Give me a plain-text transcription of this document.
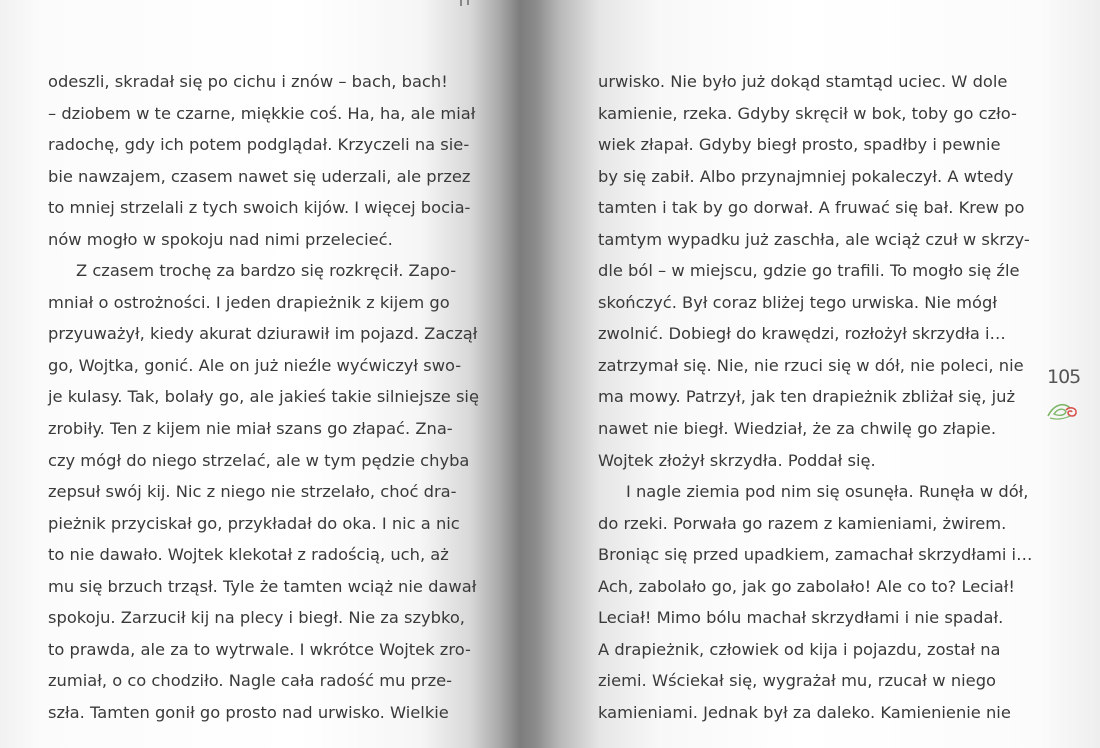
odeszli, skradał się po cichu i znów – bach, bach!
– dziobem w te czarne, miękkie coś. Ha, ha, ale miał
radochę, gdy ich potem podglądał. Krzyczeli na sie-
bie nawzajem, czasem nawet się uderzali, ale przez
to mniej strzelali z tych swoich kijów. I więcej bocia-
nów mogło w spokoju nad nimi przelecieć.
Z czasem trochę za bardzo się rozkręcił. Zapo-
mniał o ostrożności. I jeden drapieżnik z kijem go
przyuważył, kiedy akurat dziurawił im pojazd. Zaczął
go, Wojtka, gonić. Ale on już nieźle wyćwiczył swo-
je kulasy. Tak, bolały go, ale jakieś takie silniejsze się
zrobiły. Ten z kijem nie miał szans go złapać. Zna-
czy mógł do niego strzelać, ale w tym pędzie chyba
zepsuł swój kij. Nic z niego nie strzelało, choć dra-
pieżnik przyciskał go, przykładał do oka. I nic a nic
to nie dawało. Wojtek klekotał z radością, uch, aż
mu się brzuch trząsł. Tyle że tamten wciąż nie dawał
spokoju. Zarzucił kij na plecy i biegł. Nie za szybko,
to prawda, ale za to wytrwale. I wkrótce Wojtek zro-
zumiał, o co chodziło. Nagle cała radość mu prze-
szła. Tamten gonił go prosto nad urwisko. Wielkie
urwisko. Nie było już dokąd stamtąd uciec. W dole
kamienie, rzeka. Gdyby skręcił w bok, toby go czło-
wiek złapał. Gdyby biegł prosto, spadłby i pewnie
by się zabił. Albo przynajmniej pokaleczył. A wtedy
tamten i tak by go dorwał. A fruwać się bał. Krew po
tamtym wypadku już zaschła, ale wciąż czuł w skrzy-
dle ból – w miejscu, gdzie go trafili. To mogło się źle
skończyć. Był coraz bliżej tego urwiska. Nie mógł
zwolnić. Dobiegł do krawędzi, rozłożył skrzydła i…
zatrzymał się. Nie, nie rzuci się w dół, nie poleci, nie
ma mowy. Patrzył, jak ten drapieżnik zbliżał się, już
nawet nie biegł. Wiedział, że za chwilę go złapie.
Wojtek złożył skrzydła. Poddał się.
I nagle ziemia pod nim się osunęła. Runęła w dół,
do rzeki. Porwała go razem z kamieniami, żwirem.
Broniąc się przed upadkiem, zamachał skrzydłami i…
Ach, zabolało go, jak go zabolało! Ale co to? Leciał!
Leciał! Mimo bólu machał skrzydłami i nie spadał.
A drapieżnik, człowiek od kija i pojazdu, został na
ziemi. Wściekał się, wygrażał mu, rzucał w niego
kamieniami. Jednak był za daleko. Kamienienie nie
105
